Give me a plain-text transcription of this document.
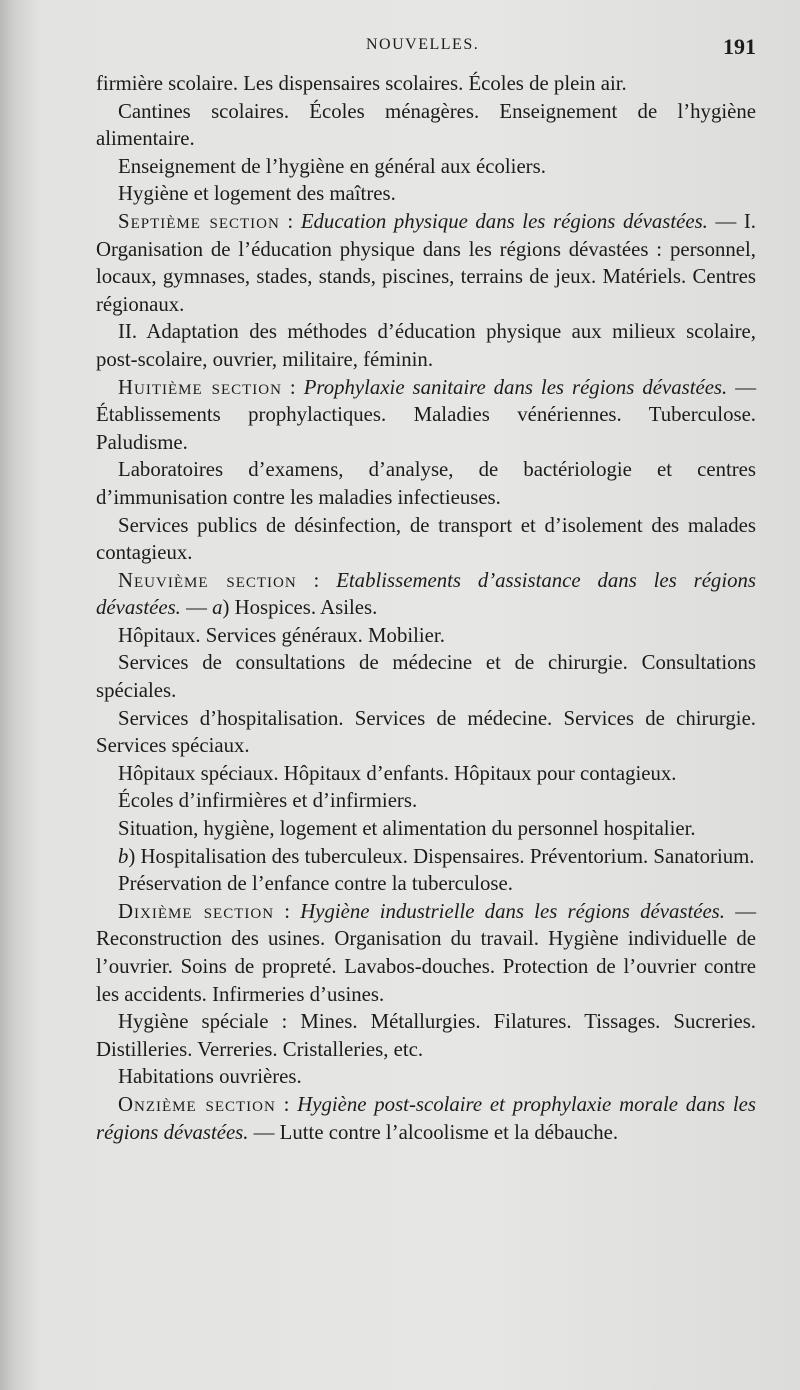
NOUVELLES.	191

firmière scolaire. Les dispensaires scolaires. Écoles de plein air.

Cantines scolaires. Écoles ménagères. Enseignement de l’hygiène alimentaire.

Enseignement de l’hygiène en général aux écoliers.

Hygiène et logement des maîtres.

Septième section : Education physique dans les régions dévastées. — I. Organisation de l’éducation physique dans les régions dévastées : personnel, locaux, gymnases, stades, stands, piscines, terrains de jeux. Matériels. Centres régionaux.

II. Adaptation des méthodes d’éducation physique aux milieux scolaire, post-scolaire, ouvrier, militaire, féminin.

Huitième section : Prophylaxie sanitaire dans les régions dévastées. — Établissements prophylactiques. Maladies vénériennes. Tuberculose. Paludisme.

Laboratoires d’examens, d’analyse, de bactériologie et centres d’immunisation contre les maladies infectieuses.

Services publics de désinfection, de transport et d’isolement des malades contagieux.

Neuvième section : Etablissements d’assistance dans les régions dévastées. — a) Hospices. Asiles.

Hôpitaux. Services généraux. Mobilier.

Services de consultations de médecine et de chirurgie. Consultations spéciales.

Services d’hospitalisation. Services de médecine. Services de chirurgie. Services spéciaux.

Hôpitaux spéciaux. Hôpitaux d’enfants. Hôpitaux pour contagieux.

Écoles d’infirmières et d’infirmiers.

Situation, hygiène, logement et alimentation du personnel hospitalier.

b) Hospitalisation des tuberculeux. Dispensaires. Préventorium. Sanatorium.

Préservation de l’enfance contre la tuberculose.

Dixième section : Hygiène industrielle dans les régions dévastées. — Reconstruction des usines. Organisation du travail. Hygiène individuelle de l’ouvrier. Soins de propreté. Lavabos-douches. Protection de l’ouvrier contre les accidents. Infirmeries d’usines.

Hygiène spéciale : Mines. Métallurgies. Filatures. Tissages. Sucreries. Distilleries. Verreries. Cristalleries, etc.

Habitations ouvrières.

Onzième section : Hygiène post-scolaire et prophylaxie morale dans les régions dévastées. — Lutte contre l’alcoolisme et la débauche.
